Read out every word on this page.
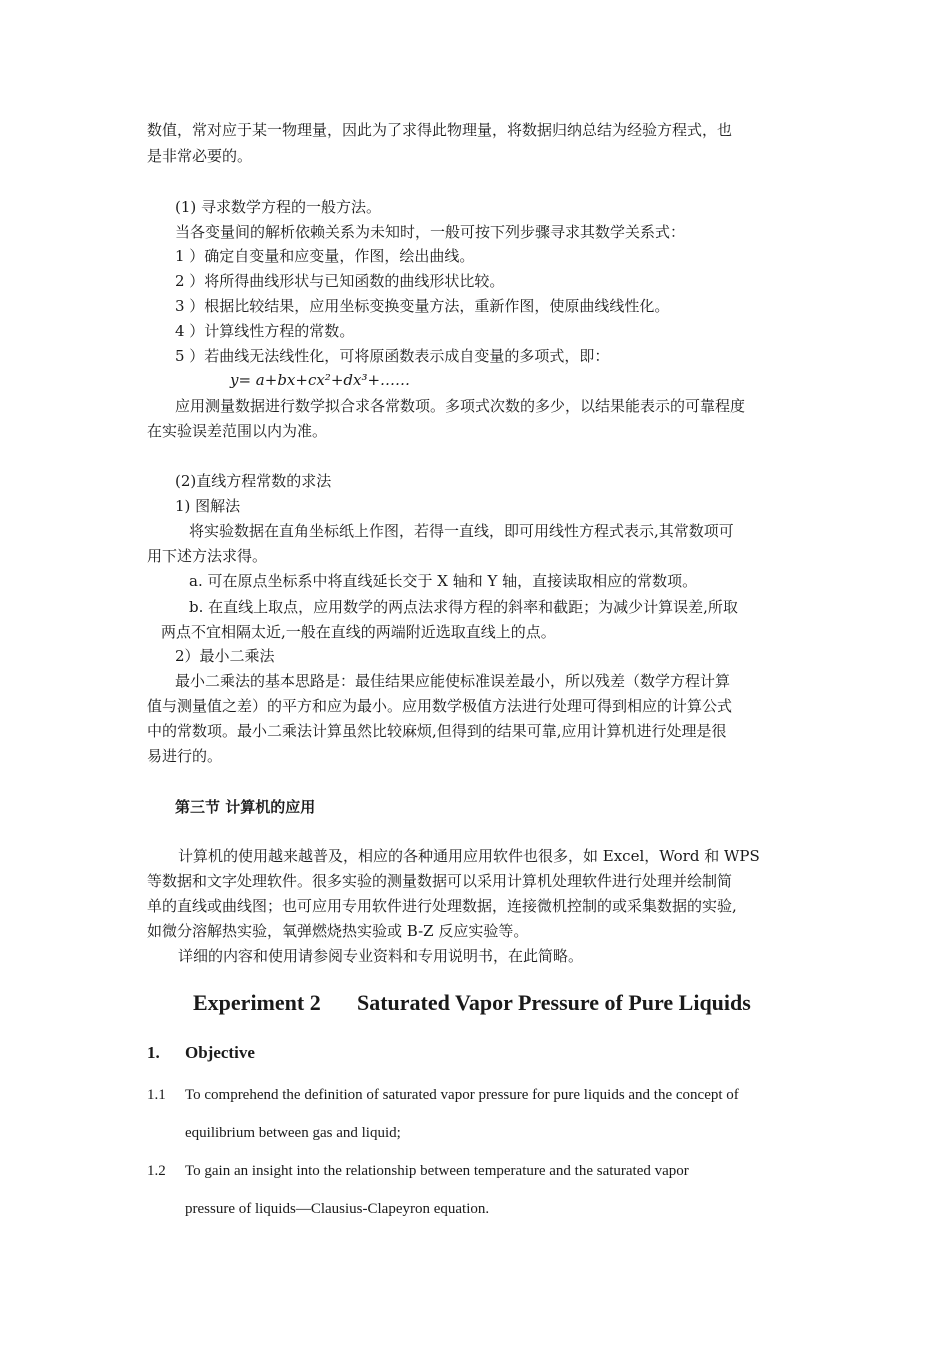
数值，常对应于某一物理量，因此为了求得此物理量，将数据归纳总结为经验方程式，也
是非常必要的。
(1) 寻求数学方程的一般方法。
当各变量间的解析依赖关系为未知时，一般可按下列步骤寻求其数学关系式：
1 ）确定自变量和应变量，作图，绘出曲线。
2 ）将所得曲线形状与已知函数的曲线形状比较。
3 ）根据比较结果，应用坐标变换变量方法，重新作图，使原曲线线性化。
4 ）计算线性方程的常数。
5 ）若曲线无法线性化，可将原函数表示成自变量的多项式，即：
y= a+bx+cx²+dx³+……
应用测量数据进行数学拟合求各常数项。多项式次数的多少，以结果能表示的可靠程度
在实验误差范围以内为准。
(2)直线方程常数的求法
1) 图解法
将实验数据在直角坐标纸上作图，若得一直线，即可用线性方程式表示,其常数项可
用下述方法求得。
a. 可在原点坐标系中将直线延长交于 X 轴和 Y 轴，直接读取相应的常数项。
b. 在直线上取点，应用数学的两点法求得方程的斜率和截距；为减少计算误差,所取
两点不宜相隔太近,一般在直线的两端附近选取直线上的点。
2）最小二乘法
最小二乘法的基本思路是：最佳结果应能使标准误差最小，所以残差（数学方程计算
值与测量值之差）的平方和应为最小。应用数学极值方法进行处理可得到相应的计算公式
中的常数项。最小二乘法计算虽然比较麻烦,但得到的结果可靠,应用计算机进行处理是很
易进行的。
第三节 计算机的应用
计算机的使用越来越普及，相应的各种通用应用软件也很多，如 Excel，Word 和 WPS
等数据和文字处理软件。很多实验的测量数据可以采用计算机处理软件进行处理并绘制简
单的直线或曲线图；也可应用专用软件进行处理数据，连接微机控制的或采集数据的实验,
如微分溶解热实验，氧弹燃烧热实验或 B-Z 反应实验等。
详细的内容和使用请参阅专业资料和专用说明书，在此简略。
Experiment 2 Saturated Vapor Pressure of Pure Liquids
1. Objective
1.1 To comprehend the definition of saturated vapor pressure for pure liquids and the concept of
equilibrium between gas and liquid;
1.2 To gain an insight into the relationship between temperature and the saturated vapor
pressure of liquids—Clausius-Clapeyron equation.
